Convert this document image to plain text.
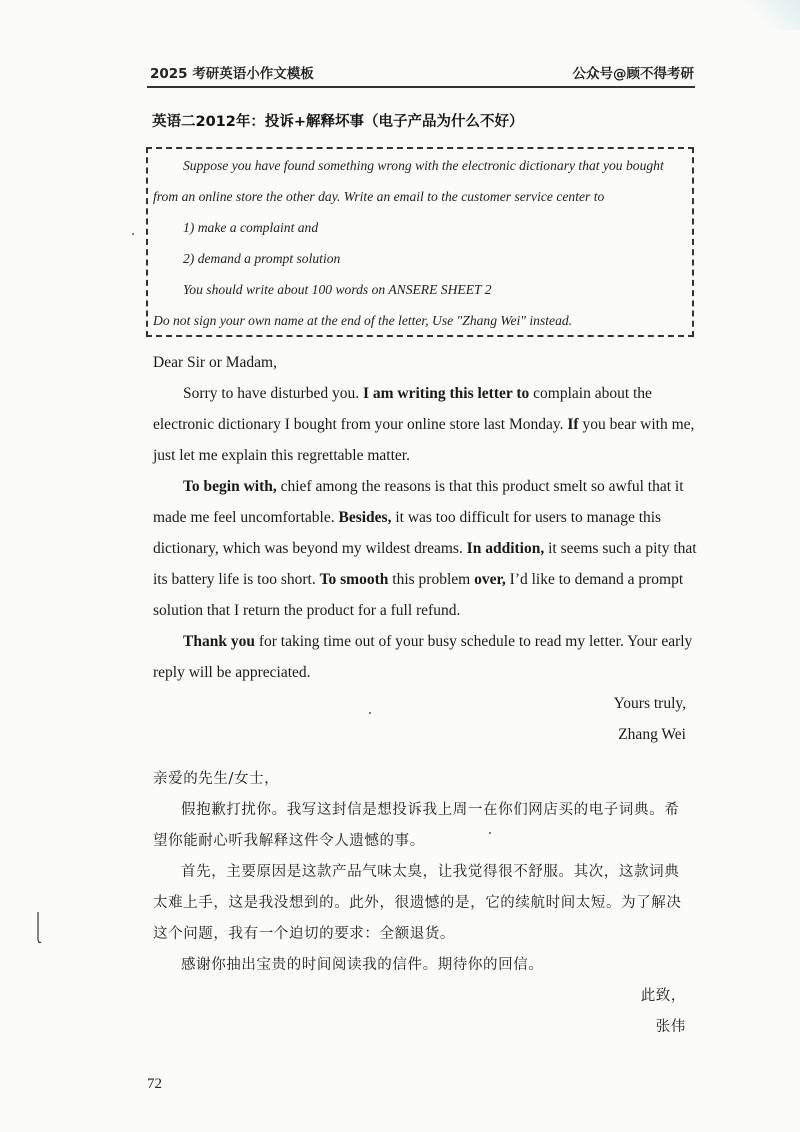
2025 考研英语小作文模板	公众号@顾不得考研
英语二2012年：投诉+解释坏事（电子产品为什么不好）
Suppose you have found something wrong with the electronic dictionary that you bought
from an online store the other day. Write an email to the customer service center to
1) make a complaint and
2) demand a prompt solution
You should write about 100 words on ANSERE SHEET 2
Do not sign your own name at the end of the letter, Use "Zhang Wei" instead.
Dear Sir or Madam,
Sorry to have disturbed you. I am writing this letter to complain about the
electronic dictionary I bought from your online store last Monday. If you bear with me,
just let me explain this regrettable matter.
To begin with, chief among the reasons is that this product smelt so awful that it
made me feel uncomfortable. Besides, it was too difficult for users to manage this
dictionary, which was beyond my wildest dreams. In addition, it seems such a pity that
its battery life is too short. To smooth this problem over, I’d like to demand a prompt
solution that I return the product for a full refund.
Thank you for taking time out of your busy schedule to read my letter. Your early
reply will be appreciated.
Yours truly,
Zhang Wei
亲爱的先生/女士，
假抱歉打扰你。我写这封信是想投诉我上周一在你们网店买的电子词典。希
望你能耐心听我解释这件令人遗憾的事。
首先，主要原因是这款产品气味太臭，让我觉得很不舒服。其次，这款词典
太难上手，这是我没想到的。此外，很遗憾的是，它的续航时间太短。为了解决
这个问题，我有一个迫切的要求：全额退货。
感谢你抽出宝贵的时间阅读我的信件。期待你的回信。
此致，
张伟
72
